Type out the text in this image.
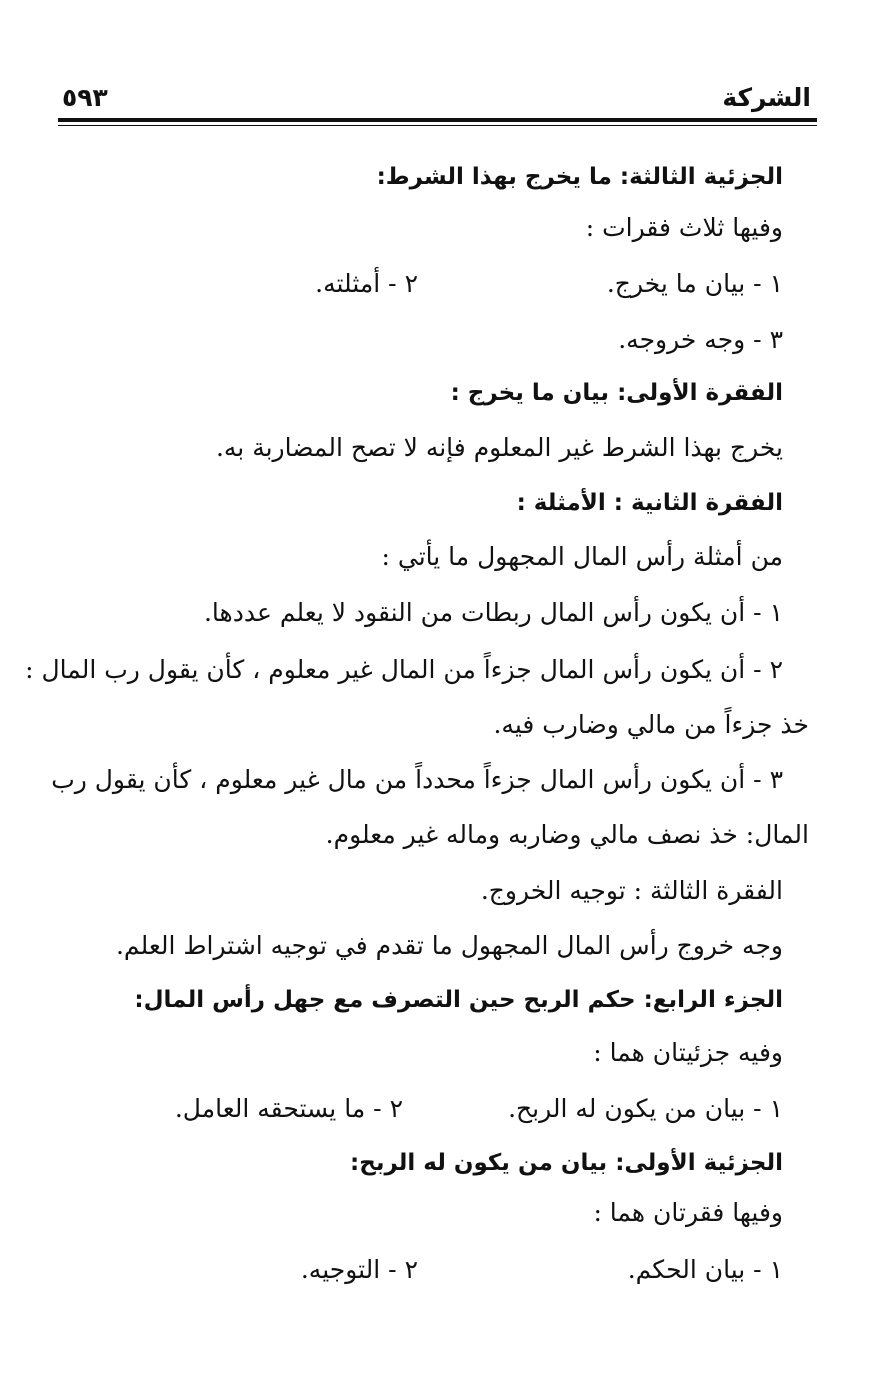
الشركة
٥٩٣
الجزئية الثالثة: ما يخرج بهذا الشرط:
وفيها ثلاث فقرات :
١ - بيان ما يخرج.
٢ - أمثلته.
٣ - وجه خروجه.
الفقرة الأولى: بيان ما يخرج :
يخرج بهذا الشرط غير المعلوم فإنه لا تصح المضاربة به.
الفقرة الثانية : الأمثلة :
من أمثلة رأس المال المجهول ما يأتي :
١ - أن يكون رأس المال ربطات من النقود لا يعلم عددها.
٢ - أن يكون رأس المال جزءاً من المال غير معلوم ، كأن يقول رب المال :
خذ جزءاً من مالي وضارب فيه.
٣ - أن يكون رأس المال جزءاً محدداً من مال غير معلوم ، كأن يقول رب
المال: خذ نصف مالي وضاربه وماله غير معلوم.
الفقرة الثالثة : توجيه الخروج.
وجه خروج رأس المال المجهول ما تقدم في توجيه اشتراط العلم.
الجزء الرابع: حكم الربح حين التصرف مع جهل رأس المال:
وفيه جزئيتان هما :
١ - بيان من يكون له الربح.
٢ - ما يستحقه العامل.
الجزئية الأولى: بيان من يكون له الربح:
وفيها فقرتان هما :
١ - بيان الحكم.
٢ - التوجيه.
